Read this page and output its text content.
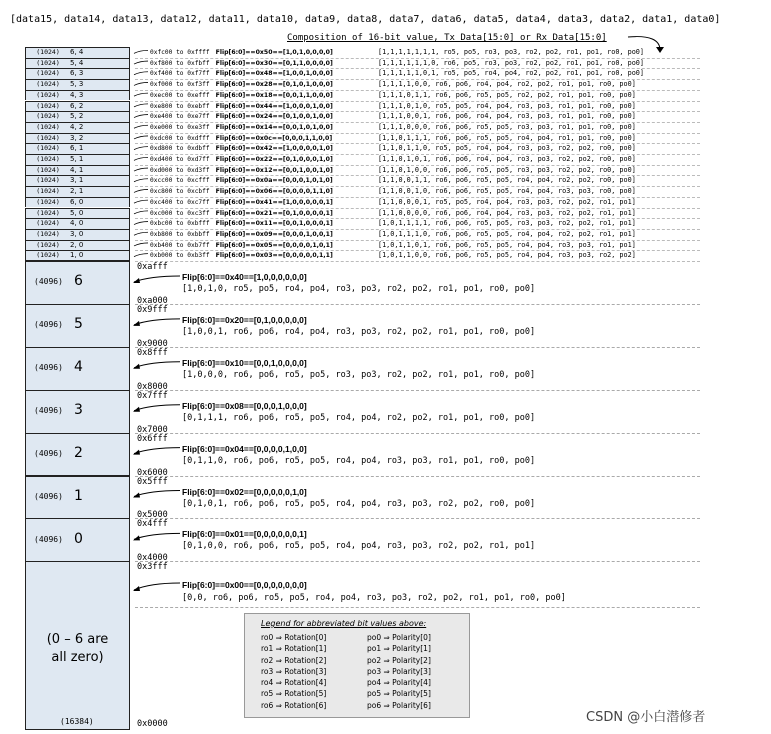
[data15, data14, data13, data12, data11, data10, data9, data8, data7, data6, data5, data4, data3, data2, data1, data0]
Composition of 16-bit value, Tx Data[15:0] or Rx Data[15:0]
(1024)	6, 4	0xfc00 to 0xffff Flip[6:0]==0x50==[1,0,1,0,0,0,0]	[1,1,1,1,1,1,1, ro5, po5, ro3, po3, ro2, po2, ro1, po1, ro0, po0]
(1024)	5, 4	0xf800 to 0xfbff Flip[6:0]==0x30==[0,1,1,0,0,0,0]	[1,1,1,1,1,1,0, ro6, po5, ro3, po3, ro2, po2, ro1, po1, ro0, po0]
(1024)	6, 3	0xf400 to 0xf7ff Flip[6:0]==0x48==[1,0,0,1,0,0,0]	[1,1,1,1,1,0,1, ro5, po5, ro4, po4, ro2, po2, ro1, po1, ro0, po0]
(1024)	5, 3	0xf000 to 0xf3ff Flip[6:0]==0x28==[0,1,0,1,0,0,0]	[1,1,1,1,0,0, ro6, po6, ro4, po4, ro2, po2, ro1, po1, ro0, po0]
(1024)	4, 3	0xec00 to 0xefff Flip[6:0]==0x18==[0,0,1,1,0,0,0]	[1,1,1,0,1,1, ro6, po6, ro5, po5, ro2, po2, ro1, po1, ro0, po0]
(1024)	6, 2	0xe800 to 0xebff Flip[6:0]==0x44==[1,0,0,0,1,0,0]	[1,1,1,0,1,0, ro5, po5, ro4, po4, ro3, po3, ro1, po1, ro0, po0]
(1024)	5, 2	0xe400 to 0xe7ff Flip[6:0]==0x24==[0,1,0,0,1,0,0]	[1,1,1,0,0,1, ro6, po6, ro4, po4, ro3, po3, ro1, po1, ro0, po0]
(1024)	4, 2	0xe000 to 0xe3ff Flip[6:0]==0x14==[0,0,1,0,1,0,0]	[1,1,1,0,0,0, ro6, po6, ro5, po5, ro3, po3, ro1, po1, ro0, po0]
(1024)	3, 2	0xdc00 to 0xdfff Flip[6:0]==0x0c==[0,0,0,1,1,0,0]	[1,1,0,1,1,1, ro6, po6, ro5, po5, ro4, po4, ro1, po1, ro0, po0]
(1024)	6, 1	0xd800 to 0xdbff Flip[6:0]==0x42==[1,0,0,0,0,1,0]	[1,1,0,1,1,0, ro5, po5, ro4, po4, ro3, po3, ro2, po2, ro0, po0]
(1024)	5, 1	0xd400 to 0xd7ff Flip[6:0]==0x22==[0,1,0,0,0,1,0]	[1,1,0,1,0,1, ro6, po6, ro4, po4, ro3, po3, ro2, po2, ro0, po0]
(1024)	4, 1	0xd000 to 0xd3ff Flip[6:0]==0x12==[0,0,1,0,0,1,0]	[1,1,0,1,0,0, ro6, po6, ro5, po5, ro3, po3, ro2, po2, ro0, po0]
(1024)	3, 1	0xcc00 to 0xcfff Flip[6:0]==0x0a==[0,0,0,1,0,1,0]	[1,1,0,0,1,1, ro6, po6, ro5, po5, ro4, po4, ro2, po2, ro0, po0]
(1024)	2, 1	0xc800 to 0xcbff Flip[6:0]==0x06==[0,0,0,0,1,1,0]	[1,1,0,0,1,0, ro6, po6, ro5, po5, ro4, po4, ro3, po3, ro0, po0]
(1024)	6, 0	0xc400 to 0xc7ff Flip[6:0]==0x41==[1,0,0,0,0,0,1]	[1,1,0,0,0,1, ro5, po5, ro4, po4, ro3, po3, ro2, po2, ro1, po1]
(1024)	5, 0	0xc000 to 0xc3ff Flip[6:0]==0x21==[0,1,0,0,0,0,1]	[1,1,0,0,0,0, ro6, po6, ro4, po4, ro3, po3, ro2, po2, ro1, po1]
(1024)	4, 0	0xbc00 to 0xbfff Flip[6:0]==0x11==[0,0,1,0,0,0,1]	[1,0,1,1,1,1, ro6, po6, ro5, po5, ro3, po3, ro2, po2, ro1, po1]
(1024)	3, 0	0xb800 to 0xbbff Flip[6:0]==0x09==[0,0,0,1,0,0,1]	[1,0,1,1,1,0, ro6, po6, ro5, po5, ro4, po4, ro2, po2, ro1, po1]
(1024)	2, 0	0xb400 to 0xb7ff Flip[6:0]==0x05==[0,0,0,0,1,0,1]	[1,0,1,1,0,1, ro6, po6, ro5, po5, ro4, po4, ro3, po3, ro1, po1]
(1024)	1, 0	0xb000 to 0xb3ff Flip[6:0]==0x03==[0,0,0,0,0,1,1]	[1,0,1,1,0,0, ro6, po6, ro5, po5, ro4, po4, ro3, po3, ro2, po2]
(4096) 6
0xafff
Flip[6:0]==0x40==[1,0,0,0,0,0,0]
[1,0,1,0, ro5, po5, ro4, po4, ro3, po3, ro2, po2, ro1, po1, ro0, po0]
0xa000
(4096) 5
0x9fff
Flip[6:0]==0x20==[0,1,0,0,0,0,0]
[1,0,0,1, ro6, po6, ro4, po4, ro3, po3, ro2, po2, ro1, po1, ro0, po0]
0x9000
(4096) 4
0x8fff
Flip[6:0]==0x10==[0,0,1,0,0,0,0]
[1,0,0,0, ro6, po6, ro5, po5, ro3, po3, ro2, po2, ro1, po1, ro0, po0]
0x8000
(4096) 3
0x7fff
Flip[6:0]==0x08==[0,0,0,1,0,0,0]
[0,1,1,1, ro6, po6, ro5, po5, ro4, po4, ro2, po2, ro1, po1, ro0, po0]
0x7000
(4096) 2
0x6fff
Flip[6:0]==0x04==[0,0,0,0,1,0,0]
[0,1,1,0, ro6, po6, ro5, po5, ro4, po4, ro3, po3, ro1, po1, ro0, po0]
0x6000
(4096) 1
0x5fff
Flip[6:0]==0x02==[0,0,0,0,0,1,0]
[0,1,0,1, ro6, po6, ro5, po5, ro4, po4, ro3, po3, ro2, po2, ro0, po0]
0x5000
(4096) 0
0x4fff
Flip[6:0]==0x01==[0,0,0,0,0,0,1]
[0,1,0,0, ro6, po6, ro5, po5, ro4, po4, ro3, po3, ro2, po2, ro1, po1]
0x4000
(0 – 6 are
all zero)
(16384)
0x3fff
Flip[6:0]==0x00==[0,0,0,0,0,0,0]
[0,0, ro6, po6, ro5, po5, ro4, po4, ro3, po3, ro2, po2, ro1, po1, ro0, po0]
0x0000
Legend for abbreviated bit values above:
ro0 ⇒ Rotation[0]
ro1 ⇒ Rotation[1]
ro2 ⇒ Rotation[2]
ro3 ⇒ Rotation[3]
ro4 ⇒ Rotation[4]
ro5 ⇒ Rotation[5]
ro6 ⇒ Rotation[6]
po0 ⇒ Polarity[0]
po1 ⇒ Polarity[1]
po2 ⇒ Polarity[2]
po3 ⇒ Polarity[3]
po4 ⇒ Polarity[4]
po5 ⇒ Polarity[5]
po6 ⇒ Polarity[6]
CSDN @小白潜修者
